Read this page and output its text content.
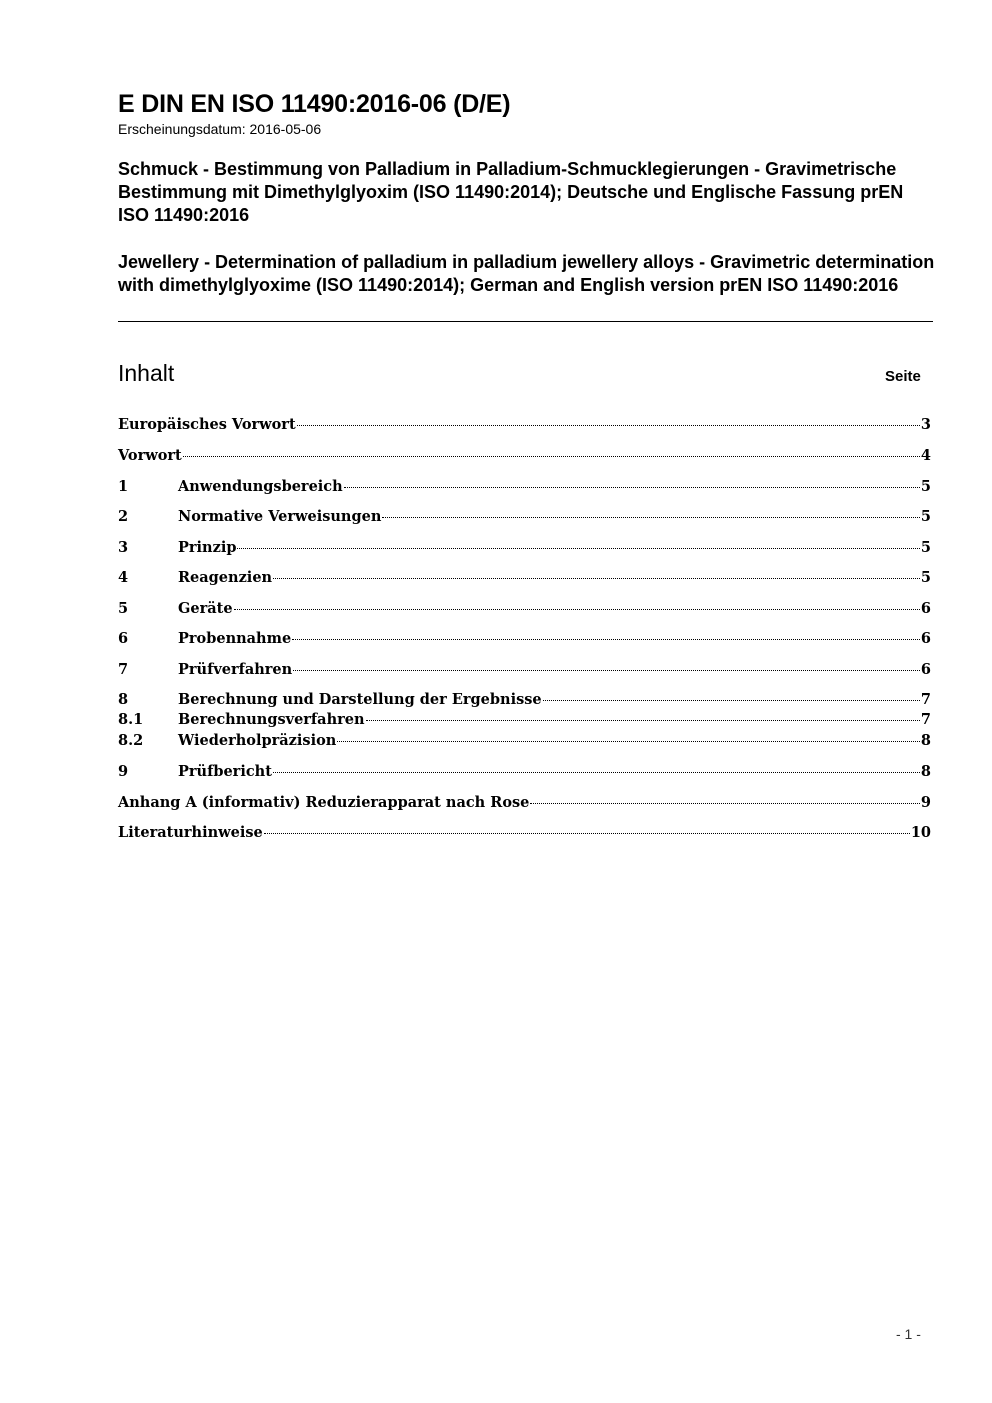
E DIN EN ISO 11490:2016-06 (D/E)
Erscheinungsdatum: 2016-05-06
Schmuck - Bestimmung von Palladium in Palladium-Schmucklegierungen - Gravimetrische Bestimmung mit Dimethylglyoxim (ISO 11490:2014); Deutsche und Englische Fassung prEN ISO 11490:2016
Jewellery - Determination of palladium in palladium jewellery alloys - Gravimetric determination with dimethylglyoxime (ISO 11490:2014); German and English version prEN ISO 11490:2016
Inhalt	Seite
Europäisches Vorwort	3
Vorwort	4
1	Anwendungsbereich	5
2	Normative Verweisungen	5
3	Prinzip	5
4	Reagenzien	5
5	Geräte	6
6	Probennahme	6
7	Prüfverfahren	6
8	Berechnung und Darstellung der Ergebnisse	7
8.1	Berechnungsverfahren	7
8.2	Wiederholpräzision	8
9	Prüfbericht	8
Anhang A (informativ) Reduzierapparat nach Rose	9
Literaturhinweise	10
- 1 -
